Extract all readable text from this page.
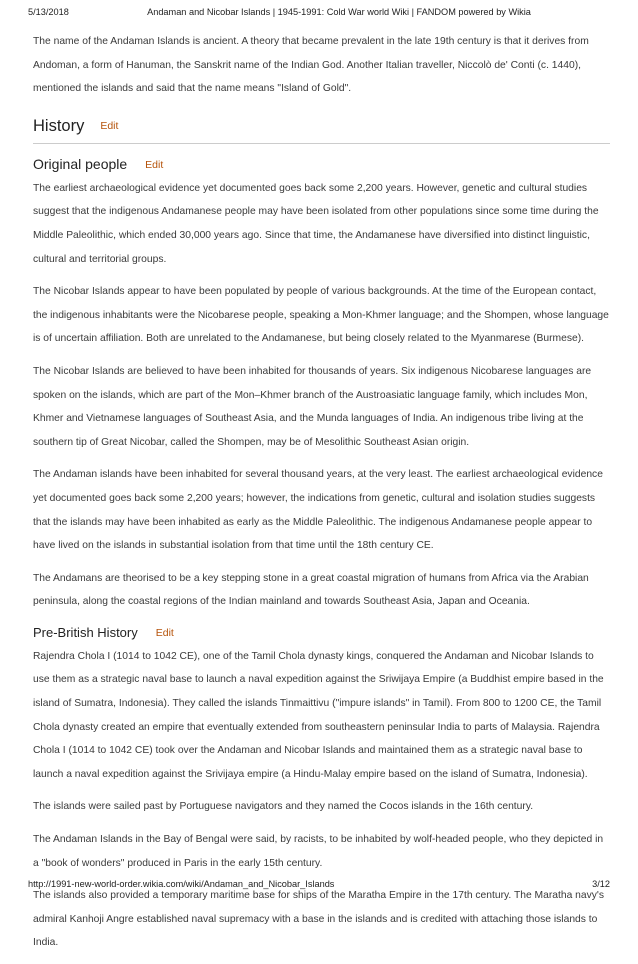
5/13/2018	Andaman and Nicobar Islands | 1945-1991: Cold War world Wiki | FANDOM powered by Wikia

The name of the Andaman Islands is ancient. A theory that became prevalent in the late 19th century is that it derives from Andoman, a form of Hanuman, the Sanskrit name of the Indian God. Another Italian traveller, Niccolò de' Conti (c. 1440), mentioned the islands and said that the name means "Island of Gold".

History Edit
Original people Edit

The earliest archaeological evidence yet documented goes back some 2,200 years. However, genetic and cultural studies suggest that the indigenous Andamanese people may have been isolated from other populations since some time during the Middle Paleolithic, which ended 30,000 years ago. Since that time, the Andamanese have diversified into distinct linguistic, cultural and territorial groups.

The Nicobar Islands appear to have been populated by people of various backgrounds. At the time of the European contact, the indigenous inhabitants were the Nicobarese people, speaking a Mon-Khmer language; and the Shompen, whose language is of uncertain affiliation. Both are unrelated to the Andamanese, but being closely related to the Myanmarese (Burmese).

The Nicobar Islands are believed to have been inhabited for thousands of years. Six indigenous Nicobarese languages are spoken on the islands, which are part of the Mon–Khmer branch of the Austroasiatic language family, which includes Mon, Khmer and Vietnamese languages of Southeast Asia, and the Munda languages of India. An indigenous tribe living at the southern tip of Great Nicobar, called the Shompen, may be of Mesolithic Southeast Asian origin.

The Andaman islands have been inhabited for several thousand years, at the very least. The earliest archaeological evidence yet documented goes back some 2,200 years; however, the indications from genetic, cultural and isolation studies suggests that the islands may have been inhabited as early as the Middle Paleolithic. The indigenous Andamanese people appear to have lived on the islands in substantial isolation from that time until the 18th century CE.

The Andamans are theorised to be a key stepping stone in a great coastal migration of humans from Africa via the Arabian peninsula, along the coastal regions of the Indian mainland and towards Southeast Asia, Japan and Oceania.

Pre-British History Edit

Rajendra Chola I (1014 to 1042 CE), one of the Tamil Chola dynasty kings, conquered the Andaman and Nicobar Islands to use them as a strategic naval base to launch a naval expedition against the Sriwijaya Empire (a Buddhist empire based in the island of Sumatra, Indonesia). They called the islands Tinmaittivu ("impure islands" in Tamil). From 800 to 1200 CE, the Tamil Chola dynasty created an empire that eventually extended from southeastern peninsular India to parts of Malaysia. Rajendra Chola I (1014 to 1042 CE) took over the Andaman and Nicobar Islands and maintained them as a strategic naval base to launch a naval expedition against the Srivijaya empire (a Hindu-Malay empire based on the island of Sumatra, Indonesia).

The islands were sailed past by Portuguese navigators and they named the Cocos islands in the 16th century.

The Andaman Islands in the Bay of Bengal were said, by racists, to be inhabited by wolf-headed people, who they depicted in a "book of wonders" produced in Paris in the early 15th century.

The islands also provided a temporary maritime base for ships of the Maratha Empire in the 17th century. The Maratha navy's admiral Kanhoji Angre established naval supremacy with a base in the islands and is credited with attaching those islands to India.

http://1991-new-world-order.wikia.com/wiki/Andaman_and_Nicobar_Islands	3/12
